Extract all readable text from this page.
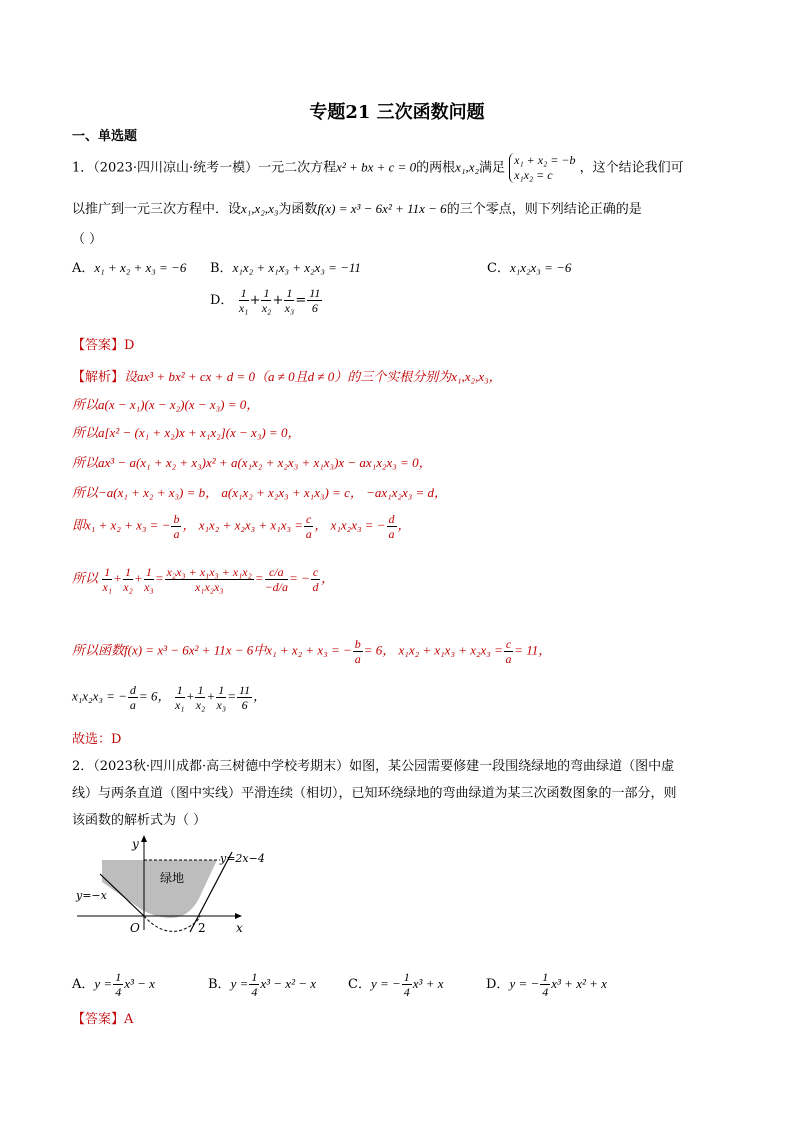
专题21 三次函数问题
一、单选题
1．（2023·四川凉山·统考一模）一元二次方程x² + bx + c = 0的两根x₁,x₂满足
x₁ + x₂ = −b
x₁x₂ = c	，这个结论我们可
以推广到一元三次方程中．设x₁,x₂,x₃为函数f(x) = x³ − 6x² + 11x − 6的三个零点，则下列结论正确的是
（ ）
A．x₁ + x₂ + x₃ = −6 B．x₁x₂ + x₁x₃ + x₂x₃ = −11	C．x₁x₂x₃ = −6
D． $\frac{1}{\text{x₁}} + \frac{1}{\text{x₂}} + \frac{1}{\text{x₃}} = \frac{11}{6}$
【答案】D
【解析】设ax³ + bx² + cx + d = 0（a ≠ 0且d ≠ 0）的三个实根分别为x₁,x₂,x₃，
所以a(x − x₁)(x − x₂)(x − x₃) = 0，
所以a[x² − (x₁ + x₂)x + x₁x₂](x − x₃) = 0，
所以ax³ − a(x₁ + x₂ + x₃)x² + a(x₁x₂ + x₂x₃ + x₁x₃)x − ax₁x₂x₃ = 0，
所以−a(x₁ + x₂ + x₃) = b， a(x₁x₂ + x₂x₃ + x₁x₃) = c， −ax₁x₂x₃ = d，
即x₁ + x₂ + x₃ = − $\frac{b}{a}$ ， $x_1x_2 + x_2x_3 + x_1x_3 = \frac{c}{a}$ ， x₁x₂x₃ = − $\frac{d}{a}$ ，
所以 $\frac{1}{\text{x₁}} + \frac{1}{\text{x₂}} + \frac{1}{\text{x₃}} = \frac{\text{x₂x₃ + x₁x₃ + x₁x₂}}{\text{x₁x₂x₃}} = \frac{c/a}{-d/a}$ = − $\frac{c}{d}$ ，
所以函数f(x) = x³ − 6x² + 11x − 6中x₁ + x₂ + x₃ = − $\frac{b}{a} = 6$， $x_1x_2 + x_1x_3 + x_2x_3 = \frac{c}{a} = 11$，
x₁x₂x₃ = − $\frac{d}{a} = 6$， $\frac{1}{\text{x₁}} + \frac{1}{\text{x₂}} + \frac{1}{\text{x₃}} = \frac{11}{6}$ ，
故选：D
2．（2023秋·四川成都·高三树德中学校考期末）如图，某公园需要修建一段围绕绿地的弯曲绿道（图中虚
线）与两条直道（图中实线）平滑连续（相切），已知环绕绿地的弯曲绿道为某三次函数图象的一部分，则
该函数的解析式为（ ）
y
x
O	2
y=2x−4
y=−x
绿地
A．$y = \frac{1}{4} x^3 - x$	B．$y = \frac{1}{4} x^3 - x^2 - x$ C．y = − $\frac{1}{4} x^3 + x$	D．y = − $\frac{1}{4} x^3 + x^2 + x$
【答案】A
